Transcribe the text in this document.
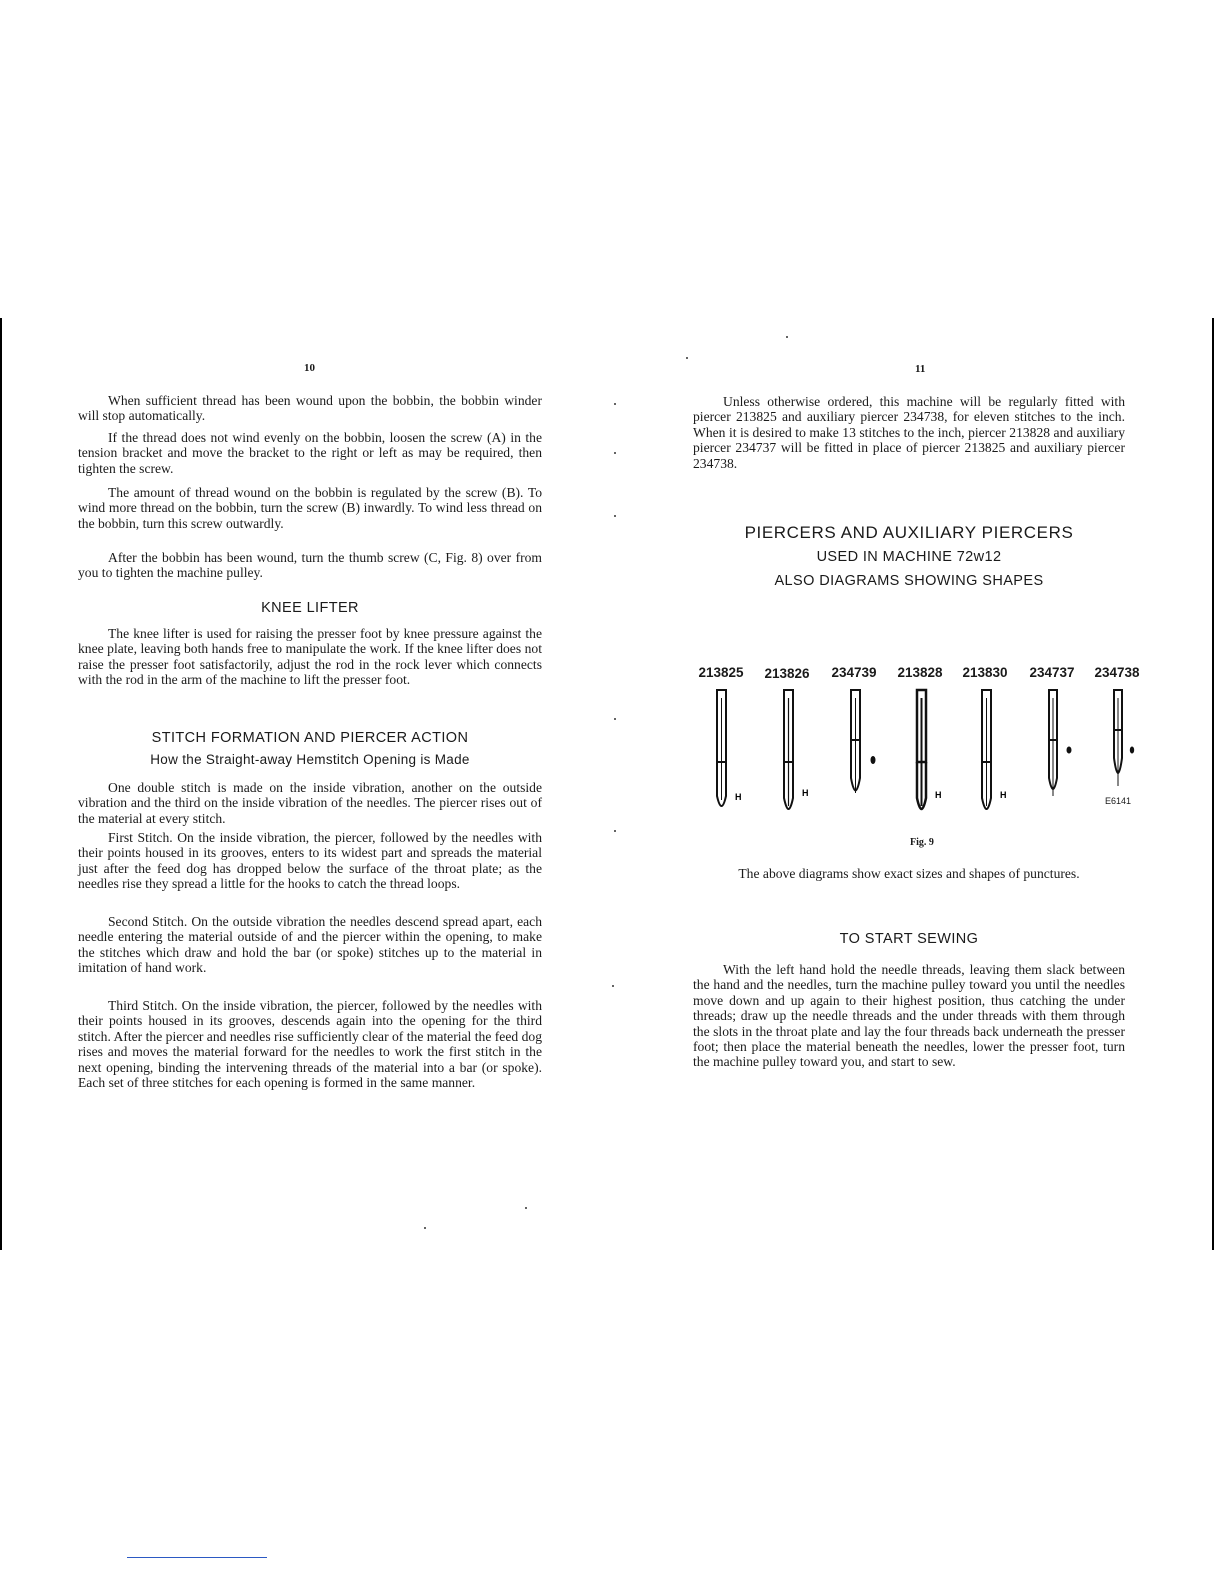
10

When sufficient thread has been wound upon the bobbin, the bobbin winder will stop automatically.

If the thread does not wind evenly on the bobbin, loosen the screw (A) in the tension bracket and move the bracket to the right or left as may be required, then tighten the screw.

The amount of thread wound on the bobbin is regulated by the screw (B). To wind more thread on the bobbin, turn the screw (B) inwardly. To wind less thread on the bobbin, turn this screw outwardly.

After the bobbin has been wound, turn the thumb screw (C, Fig. 8) over from you to tighten the machine pulley.

KNEE LIFTER

The knee lifter is used for raising the presser foot by knee pressure against the knee plate, leaving both hands free to manipulate the work. If the knee lifter does not raise the presser foot satisfactorily, adjust the rod in the rock lever which connects with the rod in the arm of the machine to lift the presser foot.

STITCH FORMATION AND PIERCER ACTION
How the Straight-away Hemstitch Opening is Made

One double stitch is made on the inside vibration, another on the outside vibration and the third on the inside vibration of the needles. The piercer rises out of the material at every stitch.

First Stitch. On the inside vibration, the piercer, followed by the needles with their points housed in its grooves, enters to its widest part and spreads the material just after the feed dog has dropped below the surface of the throat plate; as the needles rise they spread a little for the hooks to catch the thread loops.

Second Stitch. On the outside vibration the needles descend spread apart, each needle entering the material outside of and the piercer within the opening, to make the stitches which draw and hold the bar (or spoke) stitches up to the material in imitation of hand work.

Third Stitch. On the inside vibration, the piercer, followed by the needles with their points housed in its grooves, descends again into the opening for the third stitch. After the piercer and needles rise sufficiently clear of the material the feed dog rises and moves the material forward for the needles to work the first stitch in the next opening, binding the intervening threads of the material into a bar (or spoke). Each set of three stitches for each opening is formed in the same manner.

11

Unless otherwise ordered, this machine will be regularly fitted with piercer 213825 and auxiliary piercer 234738, for eleven stitches to the inch. When it is desired to make 13 stitches to the inch, piercer 213828 and auxiliary piercer 234737 will be fitted in place of piercer 213825 and auxiliary piercer 234738.

PIERCERS AND AUXILIARY PIERCERS
USED IN MACHINE 72w12
ALSO DIAGRAMS SHOWING SHAPES
213825	213826	234739	213828	213830	234737	234738
H	H	H	H
E6141
Fig. 9

The above diagrams show exact sizes and shapes of punctures.

TO START SEWING

With the left hand hold the needle threads, leaving them slack between the hand and the needles, turn the machine pulley toward you until the needles move down and up again to their highest position, thus catching the under threads; draw up the needle threads and the under threads with them through the slots in the throat plate and lay the four threads back underneath the presser foot; then place the material beneath the needles, lower the presser foot, turn the machine pulley toward you, and start to sew.
